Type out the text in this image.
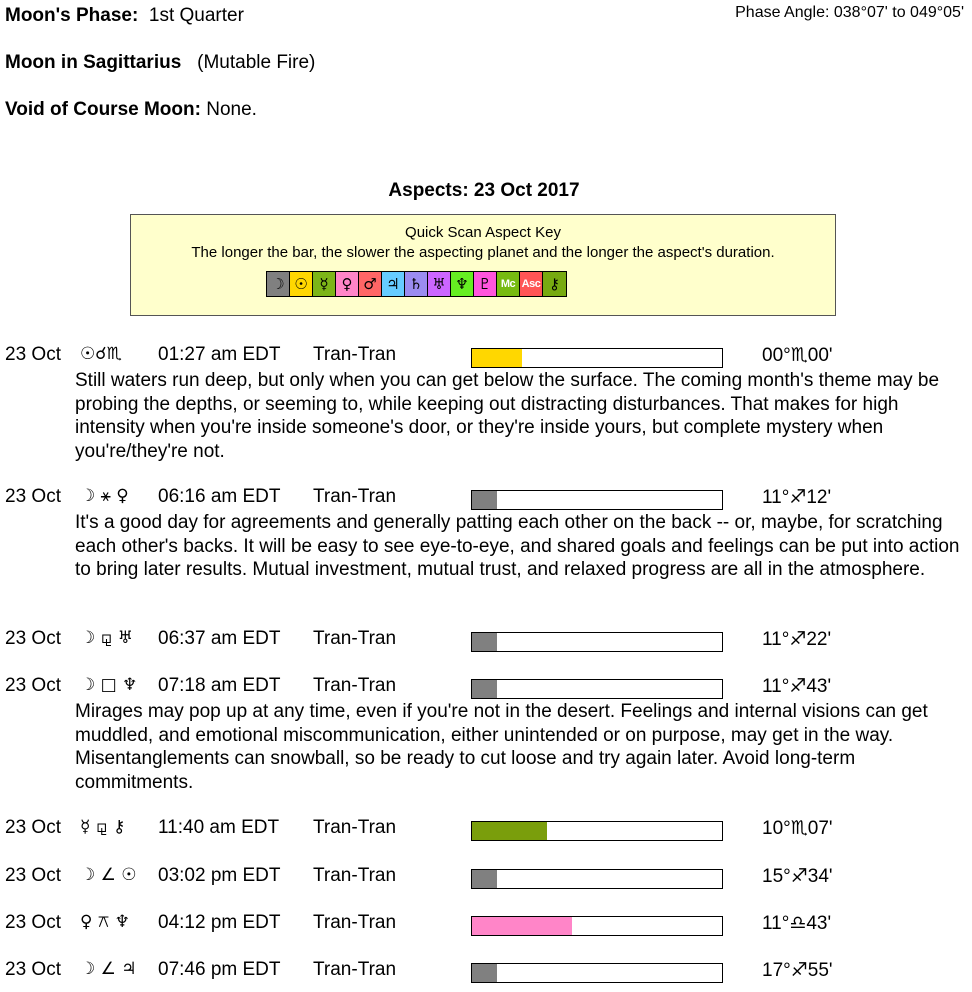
Moon's Phase: 1st Quarter	Phase Angle: 038°07' to 049°05'
Moon in Sagittarius (Mutable Fire)
Void of Course Moon: None.
Aspects: 23 Oct 2017
Quick Scan Aspect Key
The longer the bar, the slower the aspecting planet and the longer the aspect's duration.
☽ ☉ ☿ ♀ ♂ ♃ ♄ ♅ ♆ ♇ Mc Asc ⚷
23 Oct ☉☌♏ 01:27 am EDT Tran-Tran	00°♏00'
Still waters run deep, but only when you can get below the surface. The coming month's theme may be probing the depths, or seeming to, while keeping out distracting disturbances. That makes for high intensity when you're inside someone's door, or they're inside yours, but complete mystery when you're/they're not.
23 Oct ☽ ⚹ ♀ 06:16 am EDT Tran-Tran	11°♐12'
It's a good day for agreements and generally patting each other on the back -- or, maybe, for scratching each other's backs. It will be easy to see eye-to-eye, and shared goals and feelings can be put into action to bring later results. Mutual investment, mutual trust, and relaxed progress are all in the atmosphere.
23 Oct ☽ ⚼ ♅ 06:37 am EDT Tran-Tran	11°♐22'
23 Oct ☽ □ ♆ 07:18 am EDT Tran-Tran	11°♐43'
Mirages may pop up at any time, even if you're not in the desert. Feelings and internal visions can get muddled, and emotional miscommunication, either unintended or on purpose, may get in the way. Misentanglements can snowball, so be ready to cut loose and try again later. Avoid long-term commitments.
23 Oct ☿ ⚼ ⚷ 11:40 am EDT Tran-Tran	10°♏07'
23 Oct ☽ ∠ ☉ 03:02 pm EDT Tran-Tran	15°♐34'
23 Oct ♀ ⚻ ♆ 04:12 pm EDT Tran-Tran	11°♎43'
23 Oct ☽ ∠ ♃ 07:46 pm EDT Tran-Tran	17°♐55'
